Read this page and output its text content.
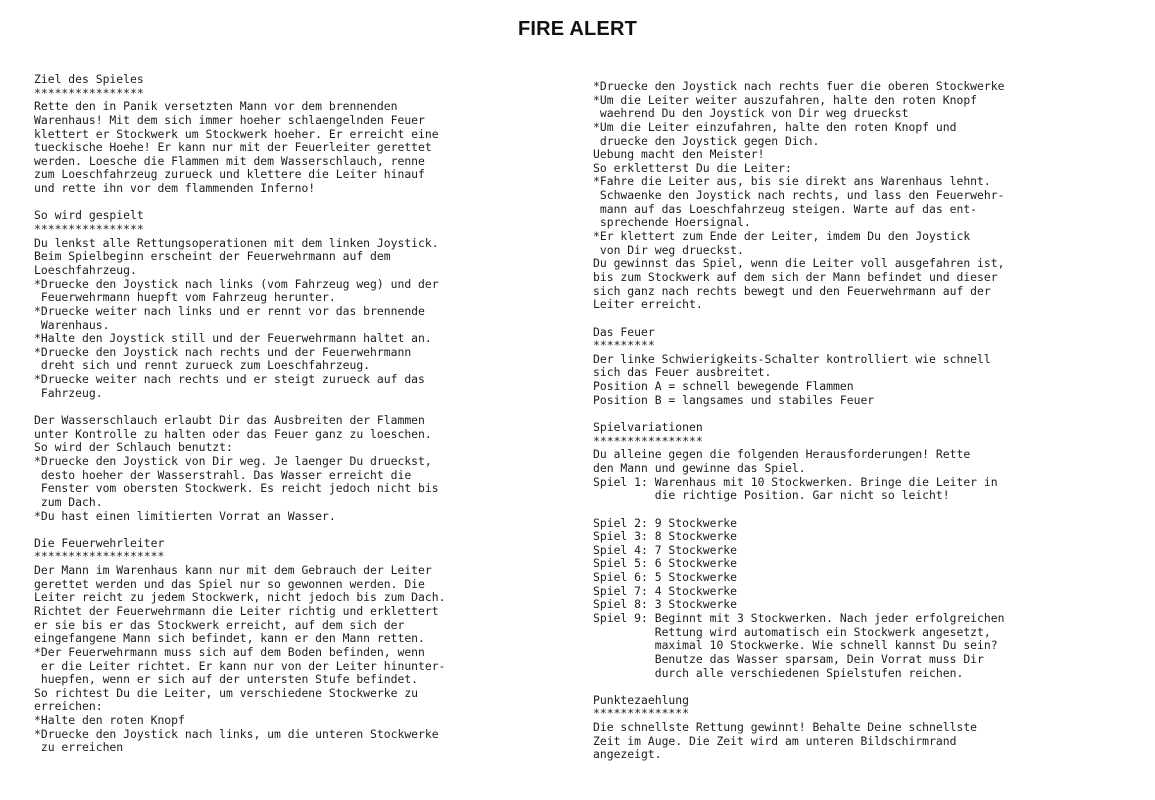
FIRE ALERT
Ziel des Spieles
****************
Rette den in Panik versetzten Mann vor dem brennenden
Warenhaus! Mit dem sich immer hoeher schlaengelnden Feuer
klettert er Stockwerk um Stockwerk hoeher. Er erreicht eine
tueckische Hoehe! Er kann nur mit der Feuerleiter gerettet
werden. Loesche die Flammen mit dem Wasserschlauch, renne
zum Loeschfahrzeug zurueck und klettere die Leiter hinauf
und rette ihn vor dem flammenden Inferno!
So wird gespielt
****************
Du lenkst alle Rettungsoperationen mit dem linken Joystick.
Beim Spielbeginn erscheint der Feuerwehrmann auf dem
Loeschfahrzeug.
*Druecke den Joystick nach links (vom Fahrzeug weg) und der
Feuerwehrmann huepft vom Fahrzeug herunter.
*Druecke weiter nach links und er rennt vor das brennende
Warenhaus.
*Halte den Joystick still und der Feuerwehrmann haltet an.
*Druecke den Joystick nach rechts und der Feuerwehrmann
dreht sich und rennt zurueck zum Loeschfahrzeug.
*Druecke weiter nach rechts und er steigt zurueck auf das
Fahrzeug.
Der Wasserschlauch erlaubt Dir das Ausbreiten der Flammen
unter Kontrolle zu halten oder das Feuer ganz zu loeschen.
So wird der Schlauch benutzt:
*Druecke den Joystick von Dir weg. Je laenger Du drueckst,
desto hoeher der Wasserstrahl. Das Wasser erreicht die
Fenster vom obersten Stockwerk. Es reicht jedoch nicht bis
zum Dach.
*Du hast einen limitierten Vorrat an Wasser.
Die Feuerwehrleiter
*******************
Der Mann im Warenhaus kann nur mit dem Gebrauch der Leiter
gerettet werden und das Spiel nur so gewonnen werden. Die
Leiter reicht zu jedem Stockwerk, nicht jedoch bis zum Dach.
Richtet der Feuerwehrmann die Leiter richtig und erklettert
er sie bis er das Stockwerk erreicht, auf dem sich der
eingefangene Mann sich befindet, kann er den Mann retten.
*Der Feuerwehrmann muss sich auf dem Boden befinden, wenn
er die Leiter richtet. Er kann nur von der Leiter hinunter-
huepfen, wenn er sich auf der untersten Stufe befindet.
So richtest Du die Leiter, um verschiedene Stockwerke zu
erreichen:
*Halte den roten Knopf
*Druecke den Joystick nach links, um die unteren Stockwerke
zu erreichen
*Druecke den Joystick nach rechts fuer die oberen Stockwerke
*Um die Leiter weiter auszufahren, halte den roten Knopf
waehrend Du den Joystick von Dir weg drueckst
*Um die Leiter einzufahren, halte den roten Knopf und
druecke den Joystick gegen Dich.
Uebung macht den Meister!
So erkletterst Du die Leiter:
*Fahre die Leiter aus, bis sie direkt ans Warenhaus lehnt.
Schwaenke den Joystick nach rechts, und lass den Feuerwehr-
mann auf das Loeschfahrzeug steigen. Warte auf das ent-
sprechende Hoersignal.
*Er klettert zum Ende der Leiter, imdem Du den Joystick
von Dir weg drueckst.
Du gewinnst das Spiel, wenn die Leiter voll ausgefahren ist,
bis zum Stockwerk auf dem sich der Mann befindet und dieser
sich ganz nach rechts bewegt und den Feuerwehrmann auf der
Leiter erreicht.
Das Feuer
*********
Der linke Schwierigkeits-Schalter kontrolliert wie schnell
sich das Feuer ausbreitet.
Position A = schnell bewegende Flammen
Position B = langsames und stabiles Feuer
Spielvariationen
****************
Du alleine gegen die folgenden Herausforderungen! Rette
den Mann und gewinne das Spiel.
Spiel 1: Warenhaus mit 10 Stockwerken. Bringe die Leiter in
die richtige Position. Gar nicht so leicht!
Spiel 2: 9 Stockwerke
Spiel 3: 8 Stockwerke
Spiel 4: 7 Stockwerke
Spiel 5: 6 Stockwerke
Spiel 6: 5 Stockwerke
Spiel 7: 4 Stockwerke
Spiel 8: 3 Stockwerke
Spiel 9: Beginnt mit 3 Stockwerken. Nach jeder erfolgreichen
Rettung wird automatisch ein Stockwerk angesetzt,
maximal 10 Stockwerke. Wie schnell kannst Du sein?
Benutze das Wasser sparsam, Dein Vorrat muss Dir
durch alle verschiedenen Spielstufen reichen.
Punktezaehlung
**************
Die schnellste Rettung gewinnt! Behalte Deine schnellste
Zeit im Auge. Die Zeit wird am unteren Bildschirmrand
angezeigt.
